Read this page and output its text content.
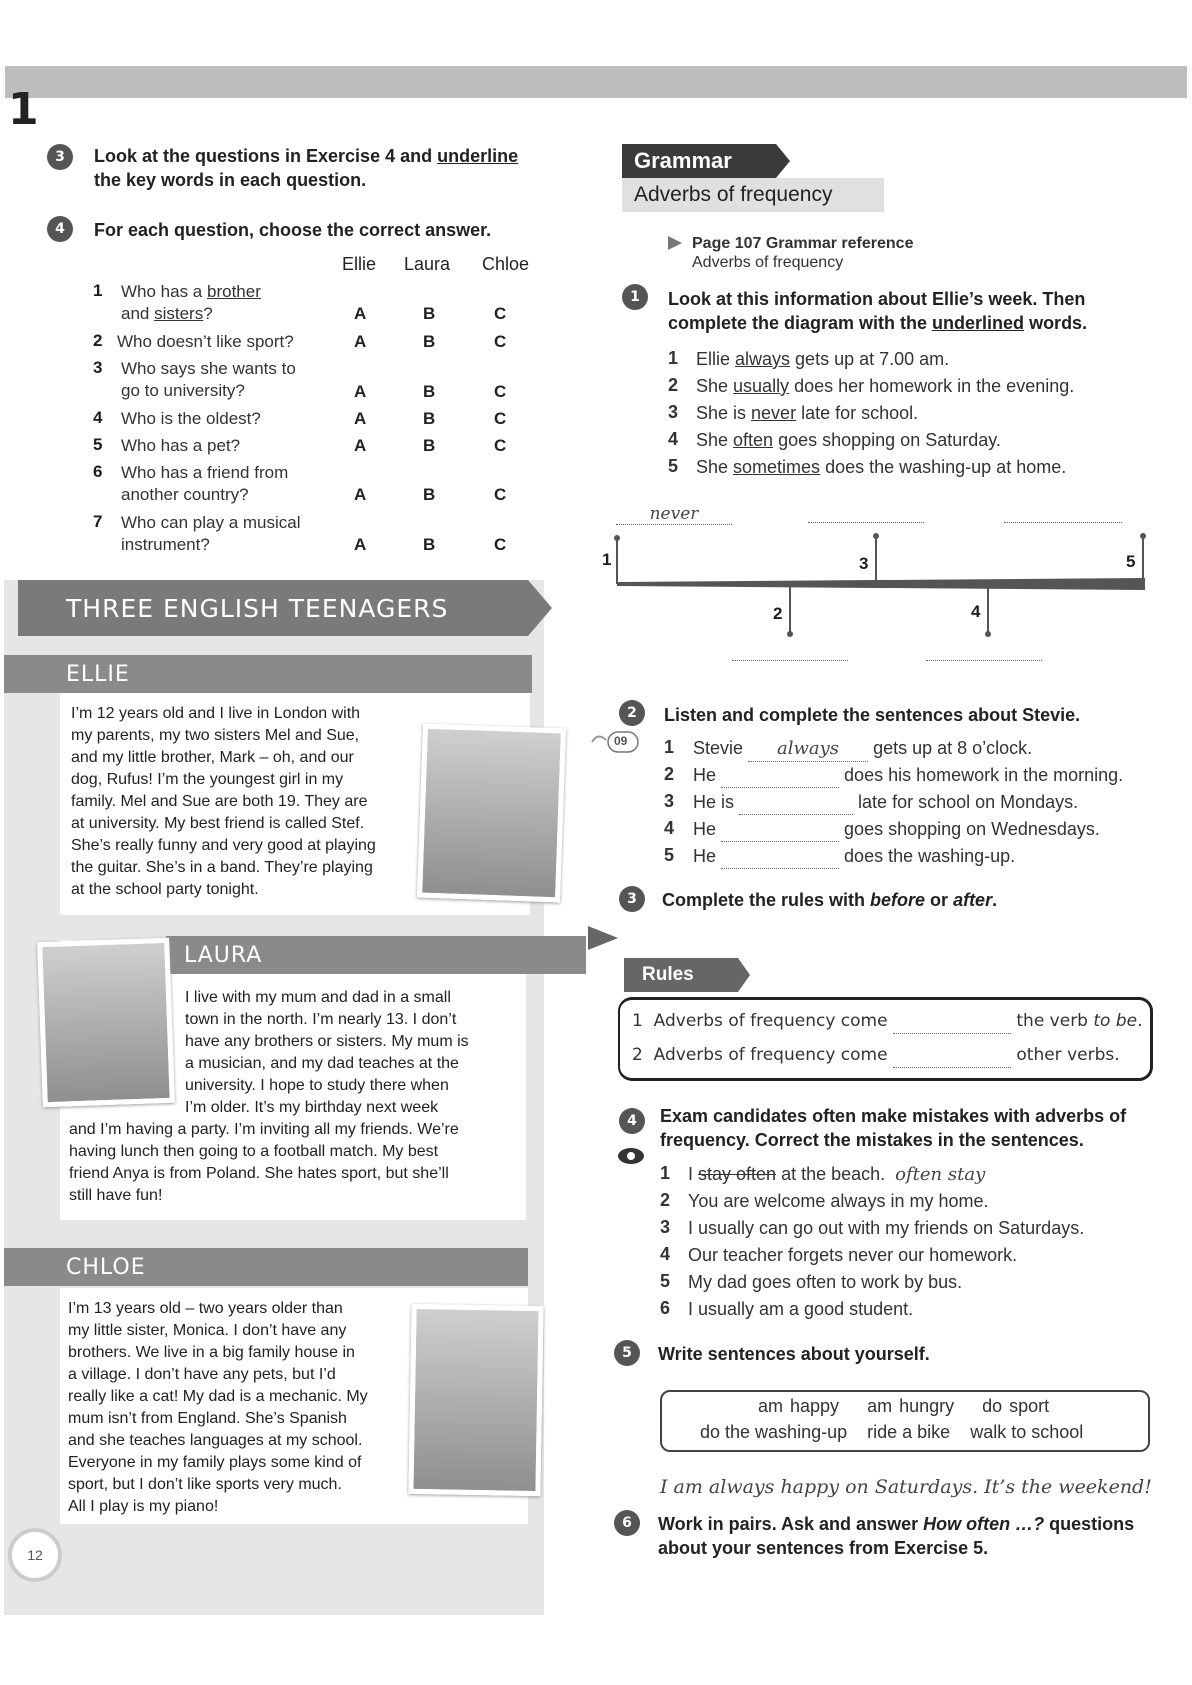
1
3	Look at the questions in Exercise 4 and underline
the key words in each question.
4	For each question, choose the correct answer.
Ellie Laura Chloe
1 Who has a brother
and sisters?	A	B	C
2 Who doesn’t like sport?	A	B	C
3 Who says she wants to
go to university?	A	B	C
4 Who is the oldest?	A	B	C
5 Who has a pet?	A	B	C
6 Who has a friend from
another country?	A	B	C
7 Who can play a musical
instrument?	A	B	C
THREE ENGLISH TEENAGERS
ELLIE
I’m 12 years old and I live in London with
my parents, my two sisters Mel and Sue,
and my little brother, Mark – oh, and our
dog, Rufus! I’m the youngest girl in my
family. Mel and Sue are both 19. They are
at university. My best friend is called Stef.
She’s really funny and very good at playing
the guitar. She’s in a band. They’re playing
at the school party tonight.
LAURA
I live with my mum and dad in a small
town in the north. I’m nearly 13. I don’t
have any brothers or sisters. My mum is
a musician, and my dad teaches at the
university. I hope to study there when
I’m older. It’s my birthday next week
and I’m having a party. I’m inviting all my friends. We’re
having lunch then going to a football match. My best
friend Anya is from Poland. She hates sport, but she’ll
still have fun!
CHLOE
I’m 13 years old – two years older than
my little sister, Monica. I don’t have any
brothers. We live in a big family house in
a village. I don’t have any pets, but I’d
really like a cat! My dad is a mechanic. My
mum isn’t from England. She’s Spanish
and she teaches languages at my school.
Everyone in my family plays some kind of
sport, but I don’t like sports very much.
All I play is my piano!
12
Grammar
Adverbs of frequency
Page 107 Grammar reference
Adverbs of frequency
1	Look at this information about Ellie’s week. Then
complete the diagram with the underlined words.
1 Ellie always gets up at 7.00 am.
2 She usually does her homework in the evening.
3 She is never late for school.
4 She often goes shopping on Saturday.
5 She sometimes does the washing-up at home.
1
2
3
4
5
never
2
09
Listen and complete the sentences about Stevie.
1 Stevie always gets up at 8 o’clock.
2 He	does his homework in the morning.
3 He is	late for school on Mondays.
4 He	goes shopping on Wednesdays.
5 He	does the washing-up.
3	Complete the rules with before or after.
Rules
1 Adverbs of frequency come	the verb to be.
2 Adverbs of frequency come	other verbs.
4	Exam candidates often make mistakes with adverbs of
frequency. Correct the mistakes in the sentences.
1 I stay often at the beach. often stay
2 You are welcome always in my home.
3 I usually can go out with my friends on Saturdays.
4 Our teacher forgets never our homework.
5 My dad goes often to work by bus.
6 I usually am a good student.
5	Write sentences about yourself.
am happy am hungry do sport
do the washing-up ride a bike walk to school
I am always happy on Saturdays. It’s the weekend!
6	Work in pairs. Ask and answer How often …? questions
about your sentences from Exercise 5.
